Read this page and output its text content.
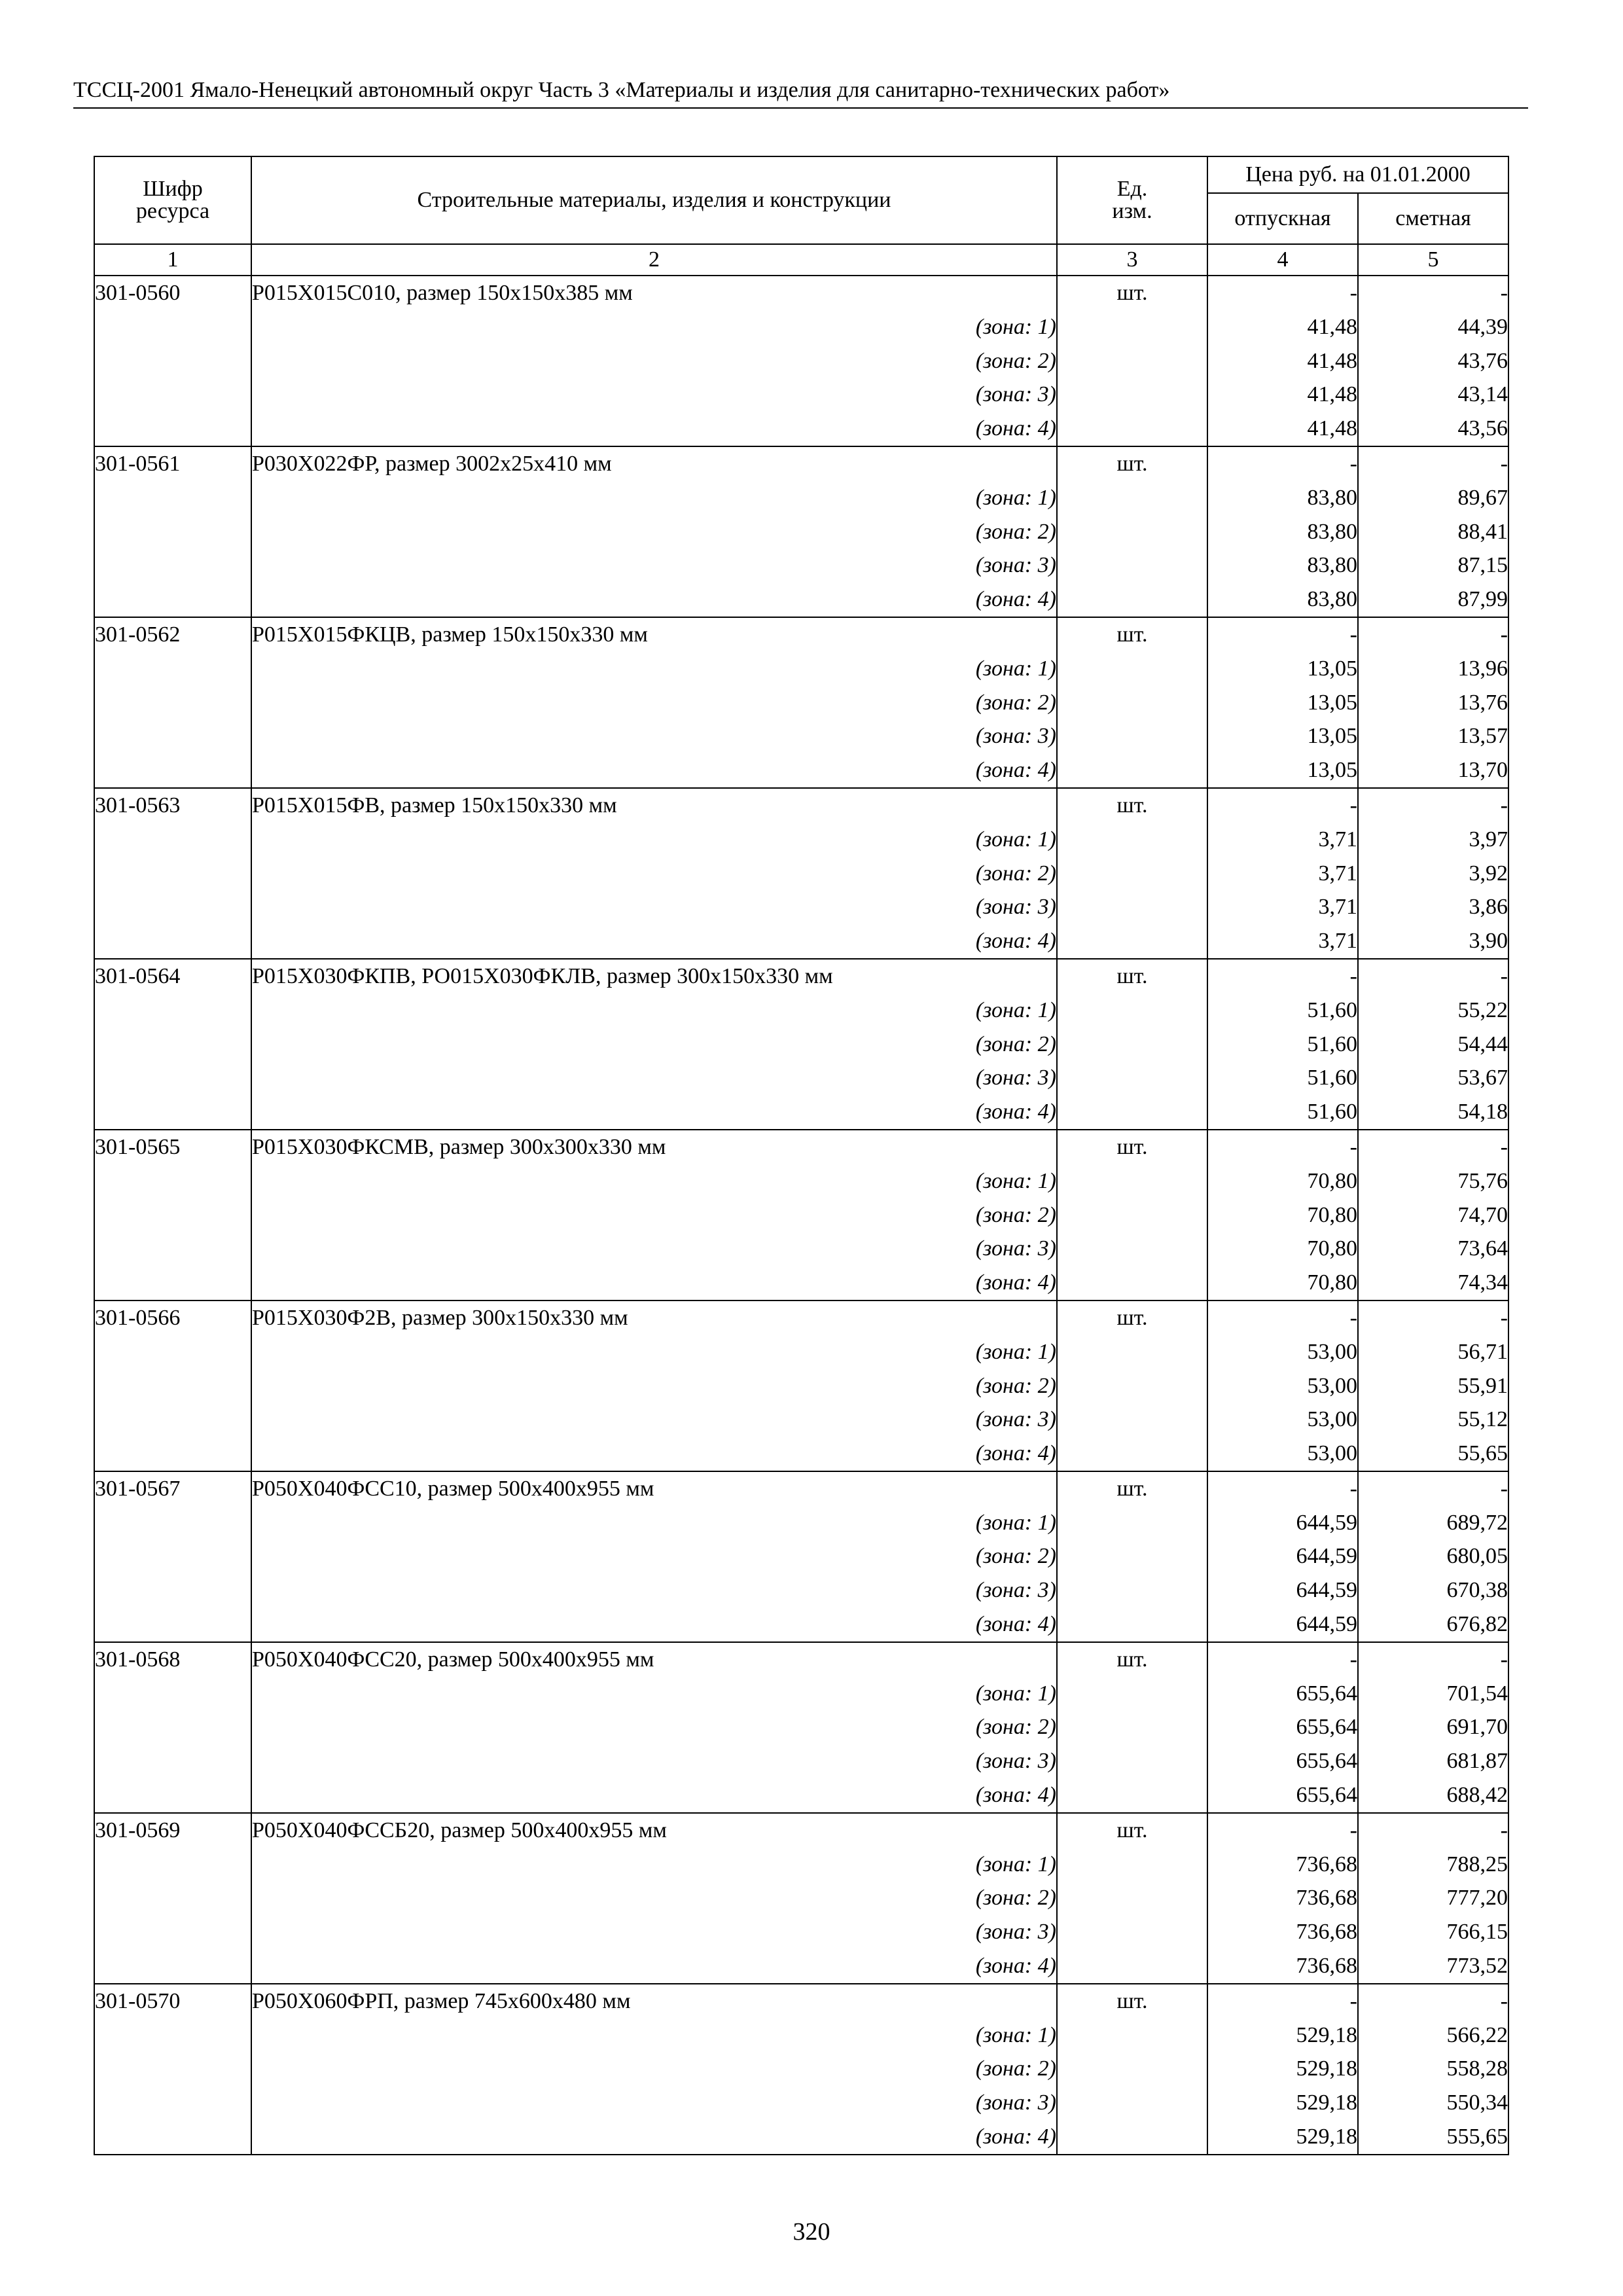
ТССЦ-2001 Ямало-Ненецкий автономный округ Часть 3 «Материалы и изделия для санитарно-технических работ»
Шифр ресурса	Строительные материалы, изделия и конструкции	Ед. изм.	Цена руб. на 01.01.2000	
			отпускная	сметная
1	2	3	4	5
301-0560	Р015Х015С010, размер 150х150х385 мм	шт.	-	-
	(зона: 1)		41,48	44,39
	(зона: 2)		41,48	43,76
	(зона: 3)		41,48	43,14
	(зона: 4)		41,48	43,56
301-0561	Р030Х022ФР, размер 3002х25х410 мм	шт.	-	-
	(зона: 1)		83,80	89,67
	(зона: 2)		83,80	88,41
	(зона: 3)		83,80	87,15
	(зона: 4)		83,80	87,99
301-0562	Р015Х015ФКЦВ, размер 150х150х330 мм	шт.	-	-
	(зона: 1)		13,05	13,96
	(зона: 2)		13,05	13,76
	(зона: 3)		13,05	13,57
	(зона: 4)		13,05	13,70
301-0563	Р015Х015ФВ, размер 150х150х330 мм	шт.	-	-
	(зона: 1)		3,71	3,97
	(зона: 2)		3,71	3,92
	(зона: 3)		3,71	3,86
	(зона: 4)		3,71	3,90
301-0564	Р015Х030ФКПВ, РО015Х030ФКЛВ, размер 300х150х330 мм	шт.	-	-
	(зона: 1)		51,60	55,22
	(зона: 2)		51,60	54,44
	(зона: 3)		51,60	53,67
	(зона: 4)		51,60	54,18
301-0565	Р015Х030ФКСМВ, размер 300х300х330 мм	шт.	-	-
	(зона: 1)		70,80	75,76
	(зона: 2)		70,80	74,70
	(зона: 3)		70,80	73,64
	(зона: 4)		70,80	74,34
301-0566	Р015Х030Ф2В, размер 300х150х330 мм	шт.	-	-
	(зона: 1)		53,00	56,71
	(зона: 2)		53,00	55,91
	(зона: 3)		53,00	55,12
	(зона: 4)		53,00	55,65
301-0567	Р050Х040ФСС10, размер 500х400х955 мм	шт.	-	-
	(зона: 1)		644,59	689,72
	(зона: 2)		644,59	680,05
	(зона: 3)		644,59	670,38
	(зона: 4)		644,59	676,82
301-0568	Р050Х040ФСС20, размер 500х400х955 мм	шт.	-	-
	(зона: 1)		655,64	701,54
	(зона: 2)		655,64	691,70
	(зона: 3)		655,64	681,87
	(зона: 4)		655,64	688,42
301-0569	Р050Х040ФССБ20, размер 500х400х955 мм	шт.	-	-
	(зона: 1)		736,68	788,25
	(зона: 2)		736,68	777,20
	(зона: 3)		736,68	766,15
	(зона: 4)		736,68	773,52
301-0570	Р050Х060ФРП, размер 745х600х480 мм	шт.	-	-
	(зона: 1)		529,18	566,22
	(зона: 2)		529,18	558,28
	(зона: 3)		529,18	550,34
	(зона: 4)		529,18	555,65
320
